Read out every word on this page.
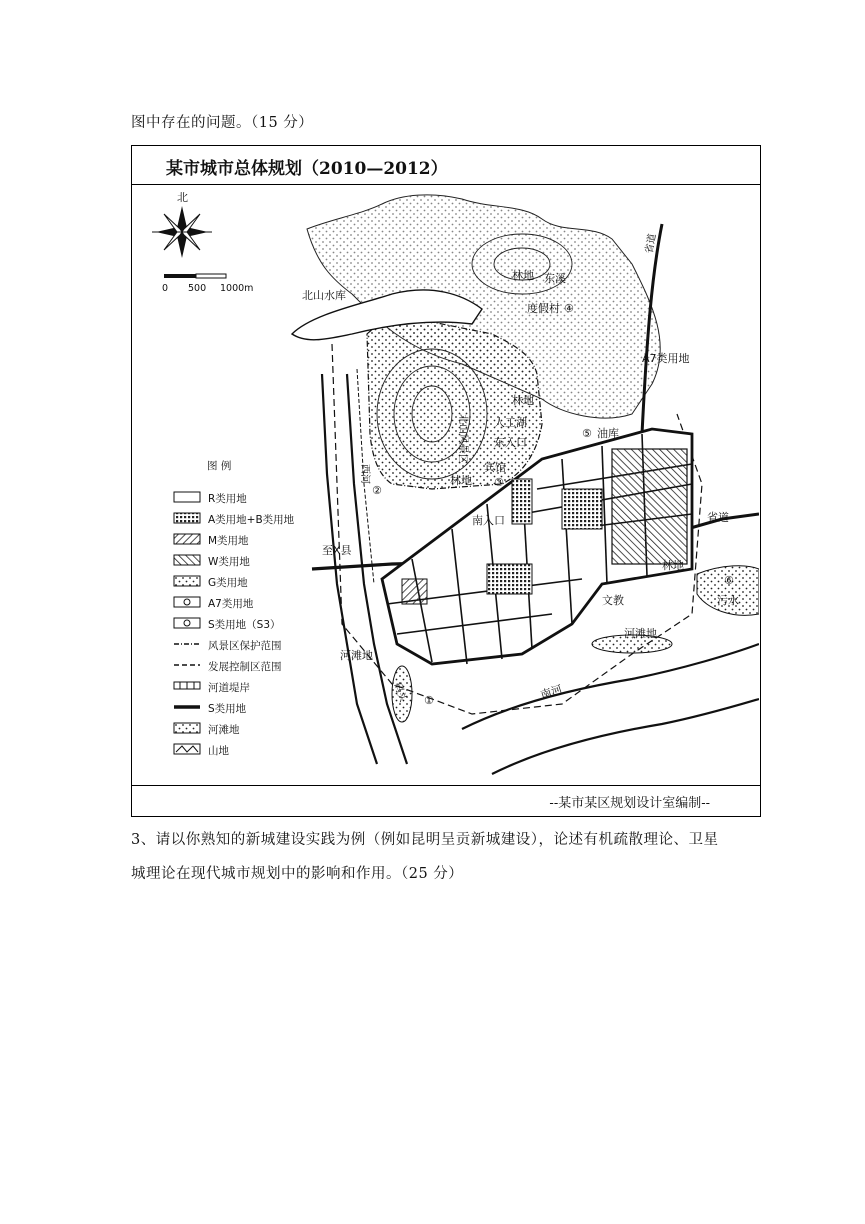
图中存在的问题。（15 分）
某市城市总体规划（2010—2012）
北
0 500 1000m
北山水库
林地 东溪
度假村 ④
A7类用地
林地
北山风景区 人工湖
东入口
宾馆
③
林地
南入口
油库
⑤
西河
②
至X县
林地
污水
⑥
文教
省道
省道
河滩地
河滩地
南河
码头 ①
图 例
R类用地
A类用地+B类用地
M类用地
W类用地
G类用地
A7类用地
S类用地（S3）
风景区保护范围
发展控制区范围
河道堤岸
S类用地
河滩地
山地
--某市某区规划设计室编制--
3、请以你熟知的新城建设实践为例（例如昆明呈贡新城建设），论述有机疏散理论、卫星
城理论在现代城市规划中的影响和作用。（25 分）
